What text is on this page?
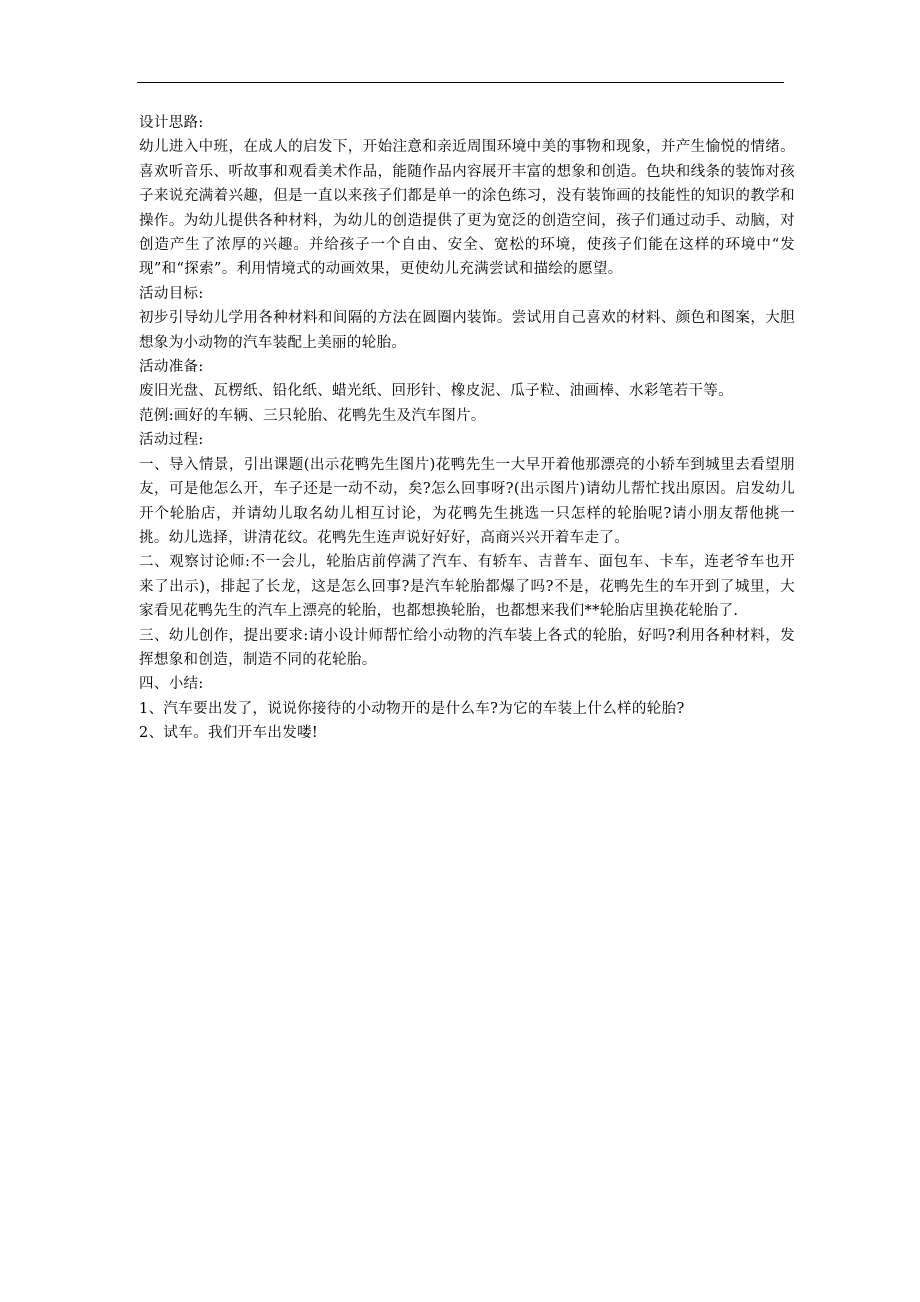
设计思路:

幼儿进入中班，在成人的启发下，开始注意和亲近周围环境中美的事物和现象，并产生愉悦的情绪。喜欢听音乐、听故事和观看美术作品，能随作品内容展开丰富的想象和创造。色块和线条的装饰对孩子来说充满着兴趣，但是一直以来孩子们都是单一的涂色练习，没有装饰画的技能性的知识的教学和操作。为幼儿提供各种材料，为幼儿的创造提供了更为宽泛的创造空间，孩子们通过动手、动脑，对创造产生了浓厚的兴趣。并给孩子一个自由、安全、宽松的环境，使孩子们能在这样的环境中“发现”和“探索”。利用情境式的动画效果，更使幼儿充满尝试和描绘的愿望。

活动目标:

初步引导幼儿学用各种材料和间隔的方法在圆圈内装饰。尝试用自己喜欢的材料、颜色和图案，大胆想象为小动物的汽车装配上美丽的轮胎。

活动准备:

废旧光盘、瓦楞纸、铅化纸、蜡光纸、回形针、橡皮泥、瓜子粒、油画棒、水彩笔若干等。

范例:画好的车辆、三只轮胎、花鸭先生及汽车图片。

活动过程:

一、导入情景，引出课题(出示花鸭先生图片)花鸭先生一大早开着他那漂亮的小轿车到城里去看望朋友，可是他怎么开，车子还是一动不动，矣?怎么回事呀?(出示图片)请幼儿帮忙找出原因。启发幼儿开个轮胎店，并请幼儿取名幼儿相互讨论，为花鸭先生挑选一只怎样的轮胎呢?请小朋友帮他挑一挑。幼儿选择，讲清花纹。花鸭先生连声说好好好，高商兴兴开着车走了。

二、观察讨论师:不一会儿，轮胎店前停满了汽车、有轿车、吉普车、面包车、卡车，连老爷车也开来了出示)，排起了长龙，这是怎么回事?是汽车轮胎都爆了吗?不是，花鸭先生的车开到了城里，大家看见花鸭先生的汽车上漂亮的轮胎，也都想换轮胎，也都想来我们**轮胎店里换花轮胎了.

三、幼儿创作，提出要求:请小设计师帮忙给小动物的汽车装上各式的轮胎，好吗?利用各种材料，发挥想象和创造，制造不同的花轮胎。

四、小结:

1、汽车要出发了，说说你接待的小动物开的是什么车?为它的车装上什么样的轮胎?

2、试车。我们开车出发喽!
